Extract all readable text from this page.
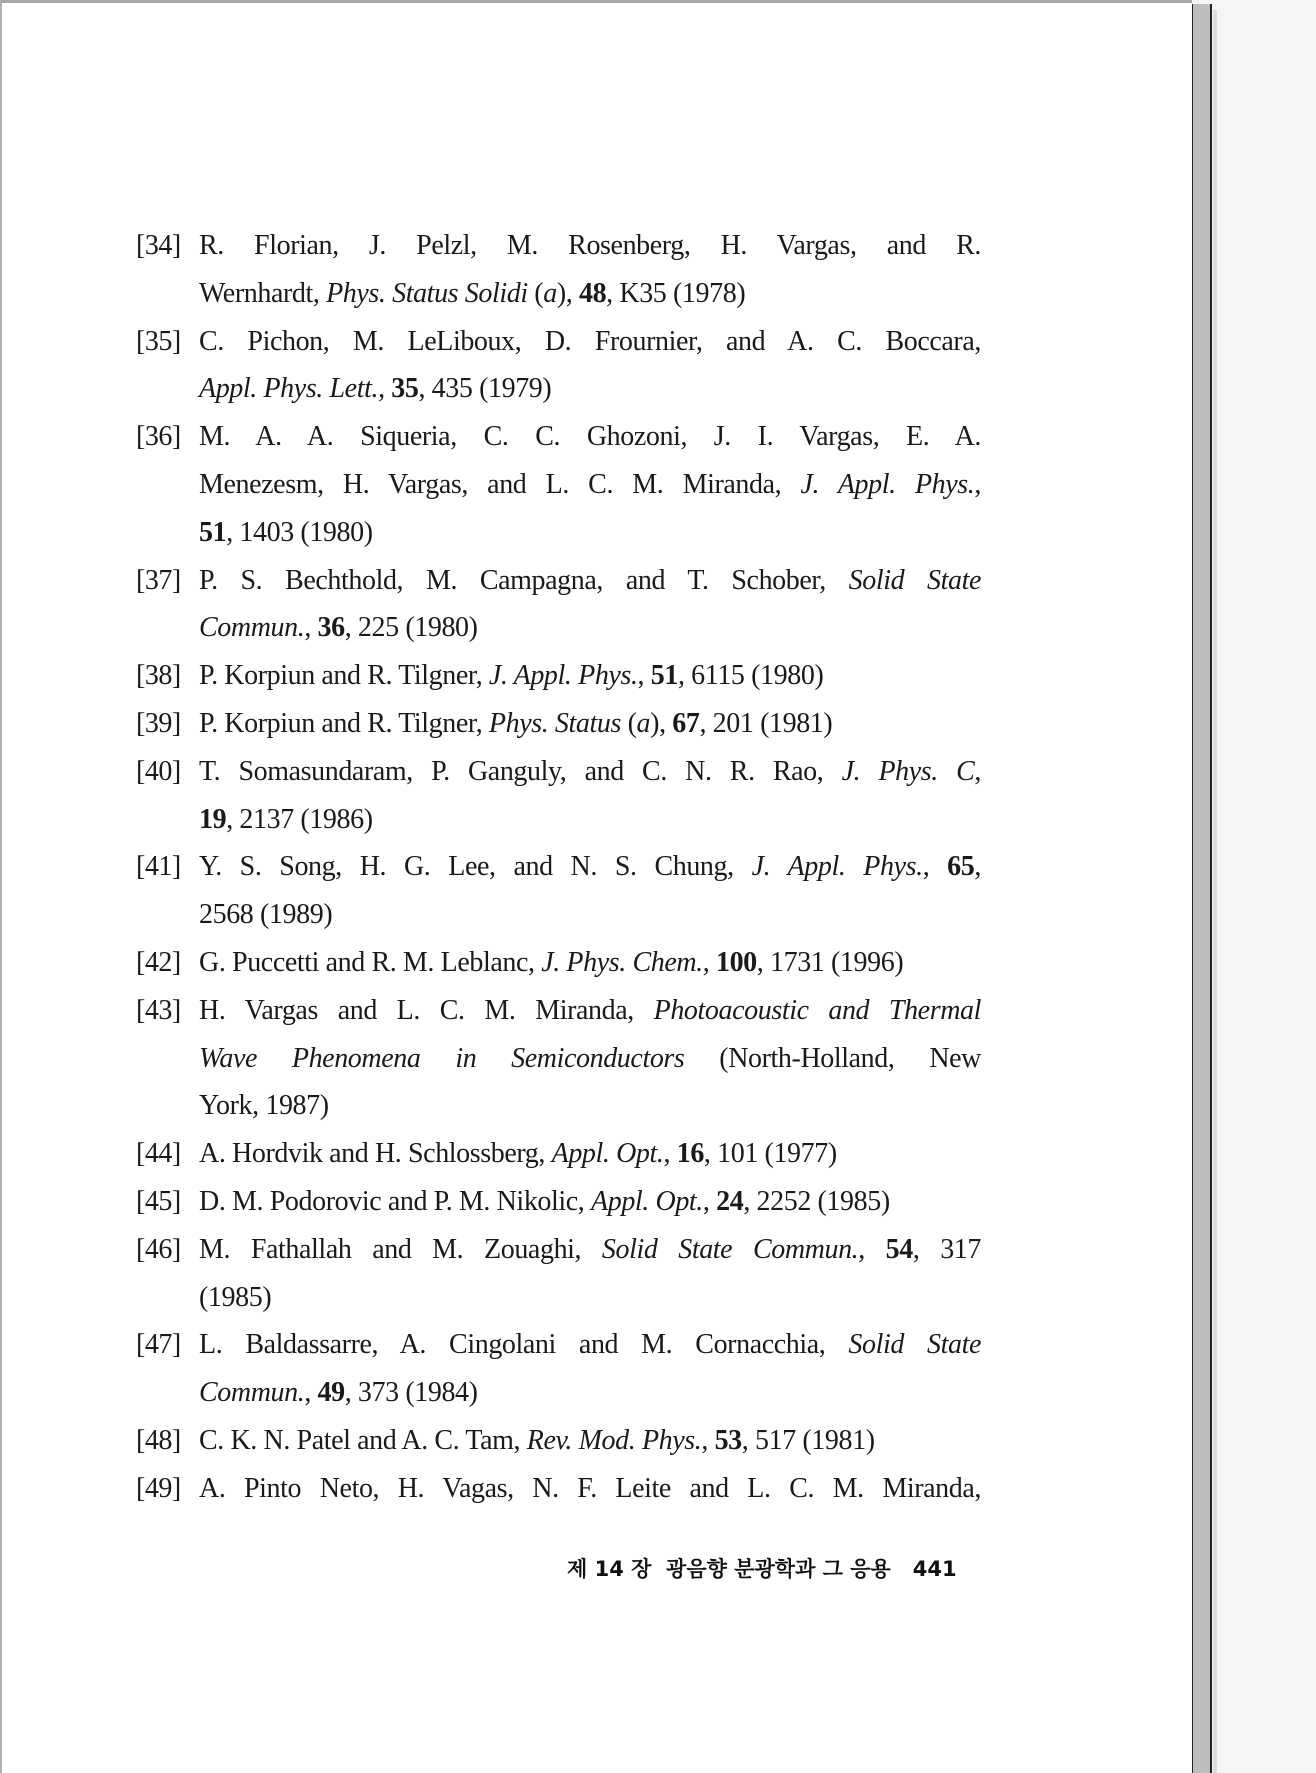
[34] R. Florian, J. Pelzl, M. Rosenberg, H. Vargas, and R.
Wernhardt, Phys. Status Solidi (a), 48, K35 (1978)
[35] C. Pichon, M. LeLiboux, D. Frournier, and A. C. Boccara,
Appl. Phys. Lett., 35, 435 (1979)
[36] M. A. A. Siqueria, C. C. Ghozoni, J. I. Vargas, E. A.
Menezesm, H. Vargas, and L. C. M. Miranda, J. Appl. Phys.,
51, 1403 (1980)
[37] P. S. Bechthold, M. Campagna, and T. Schober, Solid State
Commun., 36, 225 (1980)
[38] P. Korpiun and R. Tilgner, J. Appl. Phys., 51, 6115 (1980)
[39] P. Korpiun and R. Tilgner, Phys. Status (a), 67, 201 (1981)
[40] T. Somasundaram, P. Ganguly, and C. N. R. Rao, J. Phys. C,
19, 2137 (1986)
[41] Y. S. Song, H. G. Lee, and N. S. Chung, J. Appl. Phys., 65,
2568 (1989)
[42] G. Puccetti and R. M. Leblanc, J. Phys. Chem., 100, 1731 (1996)
[43] H. Vargas and L. C. M. Miranda, Photoacoustic and Thermal
Wave Phenomena in Semiconductors (North-Holland, New
York, 1987)
[44] A. Hordvik and H. Schlossberg, Appl. Opt., 16, 101 (1977)
[45] D. M. Podorovic and P. M. Nikolic, Appl. Opt., 24, 2252 (1985)
[46] M. Fathallah and M. Zouaghi, Solid State Commun., 54, 317
(1985)
[47] L. Baldassarre, A. Cingolani and M. Cornacchia, Solid State
Commun., 49, 373 (1984)
[48] C. K. N. Patel and A. C. Tam, Rev. Mod. Phys., 53, 517 (1981)
[49] A. Pinto Neto, H. Vagas, N. F. Leite and L. C. M. Miranda,
제 14 장  광음향 분광학과 그 응용 441
